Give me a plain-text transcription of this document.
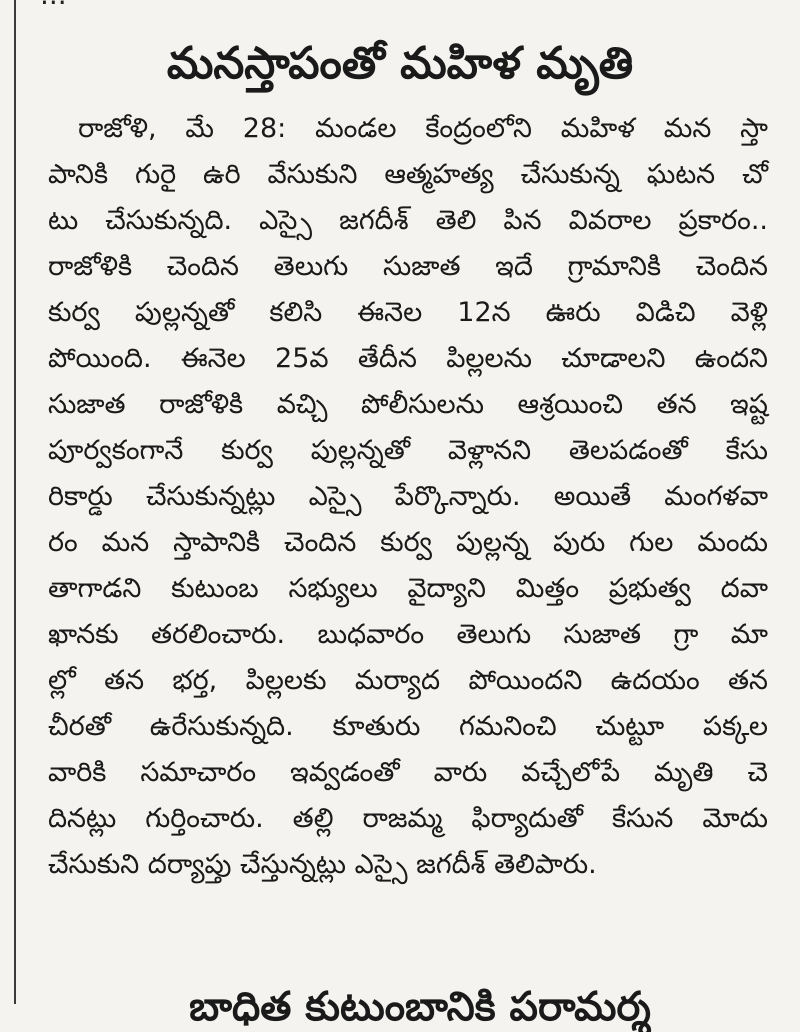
మనస్తాపంతో మహిళ మృతి
రాజోళి, మే 28: మండల కేంద్రంలోని మహిళ మన స్తా
పానికి గురై ఉరి వేసుకుని ఆత్మహత్య చేసుకున్న ఘటన చో
టు చేసుకున్నది. ఎస్సై జగదీశ్ తెలి పిన వివరాల ప్రకారం..
రాజోళికి చెందిన తెలుగు సుజాత ఇదే గ్రామానికి చెందిన
కుర్వ పుల్లన్నతో కలిసి ఈనెల 12న ఊరు విడిచి వెళ్లి
పోయింది. ఈనెల 25వ తేదీన పిల్లలను చూడాలని ఉందని
సుజాత రాజోళికి వచ్చి పోలీసులను ఆశ్రయించి తన ఇష్ట
పూర్వకంగానే కుర్వ పుల్లన్నతో వెళ్లానని తెలపడంతో కేసు
రికార్డు చేసుకున్నట్లు ఎస్సై పేర్కొన్నారు. అయితే మంగళవా
రం మన స్తాపానికి చెందిన కుర్వ పుల్లన్న పురు గుల మందు
తాగాడని కుటుంబ సభ్యులు వైద్యాని మిత్తం ప్రభుత్వ దవా
ఖానకు తరలించారు. బుధవారం తెలుగు సుజాత గ్రా మా
ల్లో తన భర్త, పిల్లలకు మర్యాద పోయిందని ఉదయం తన
చీరతో ఉరేసుకున్నది. కూతురు గమనించి చుట్టూ పక్కల
వారికి సమాచారం ఇవ్వడంతో వారు వచ్చేలోపే మృతి చె
దినట్లు గుర్తించారు. తల్లి రాజమ్మ ఫిర్యాదుతో కేసున మోదు
చేసుకుని దర్యాప్తు చేస్తున్నట్లు ఎస్సై జగదీశ్ తెలిపారు.
బాధిత కుటుంబానికి పరామర్శ
